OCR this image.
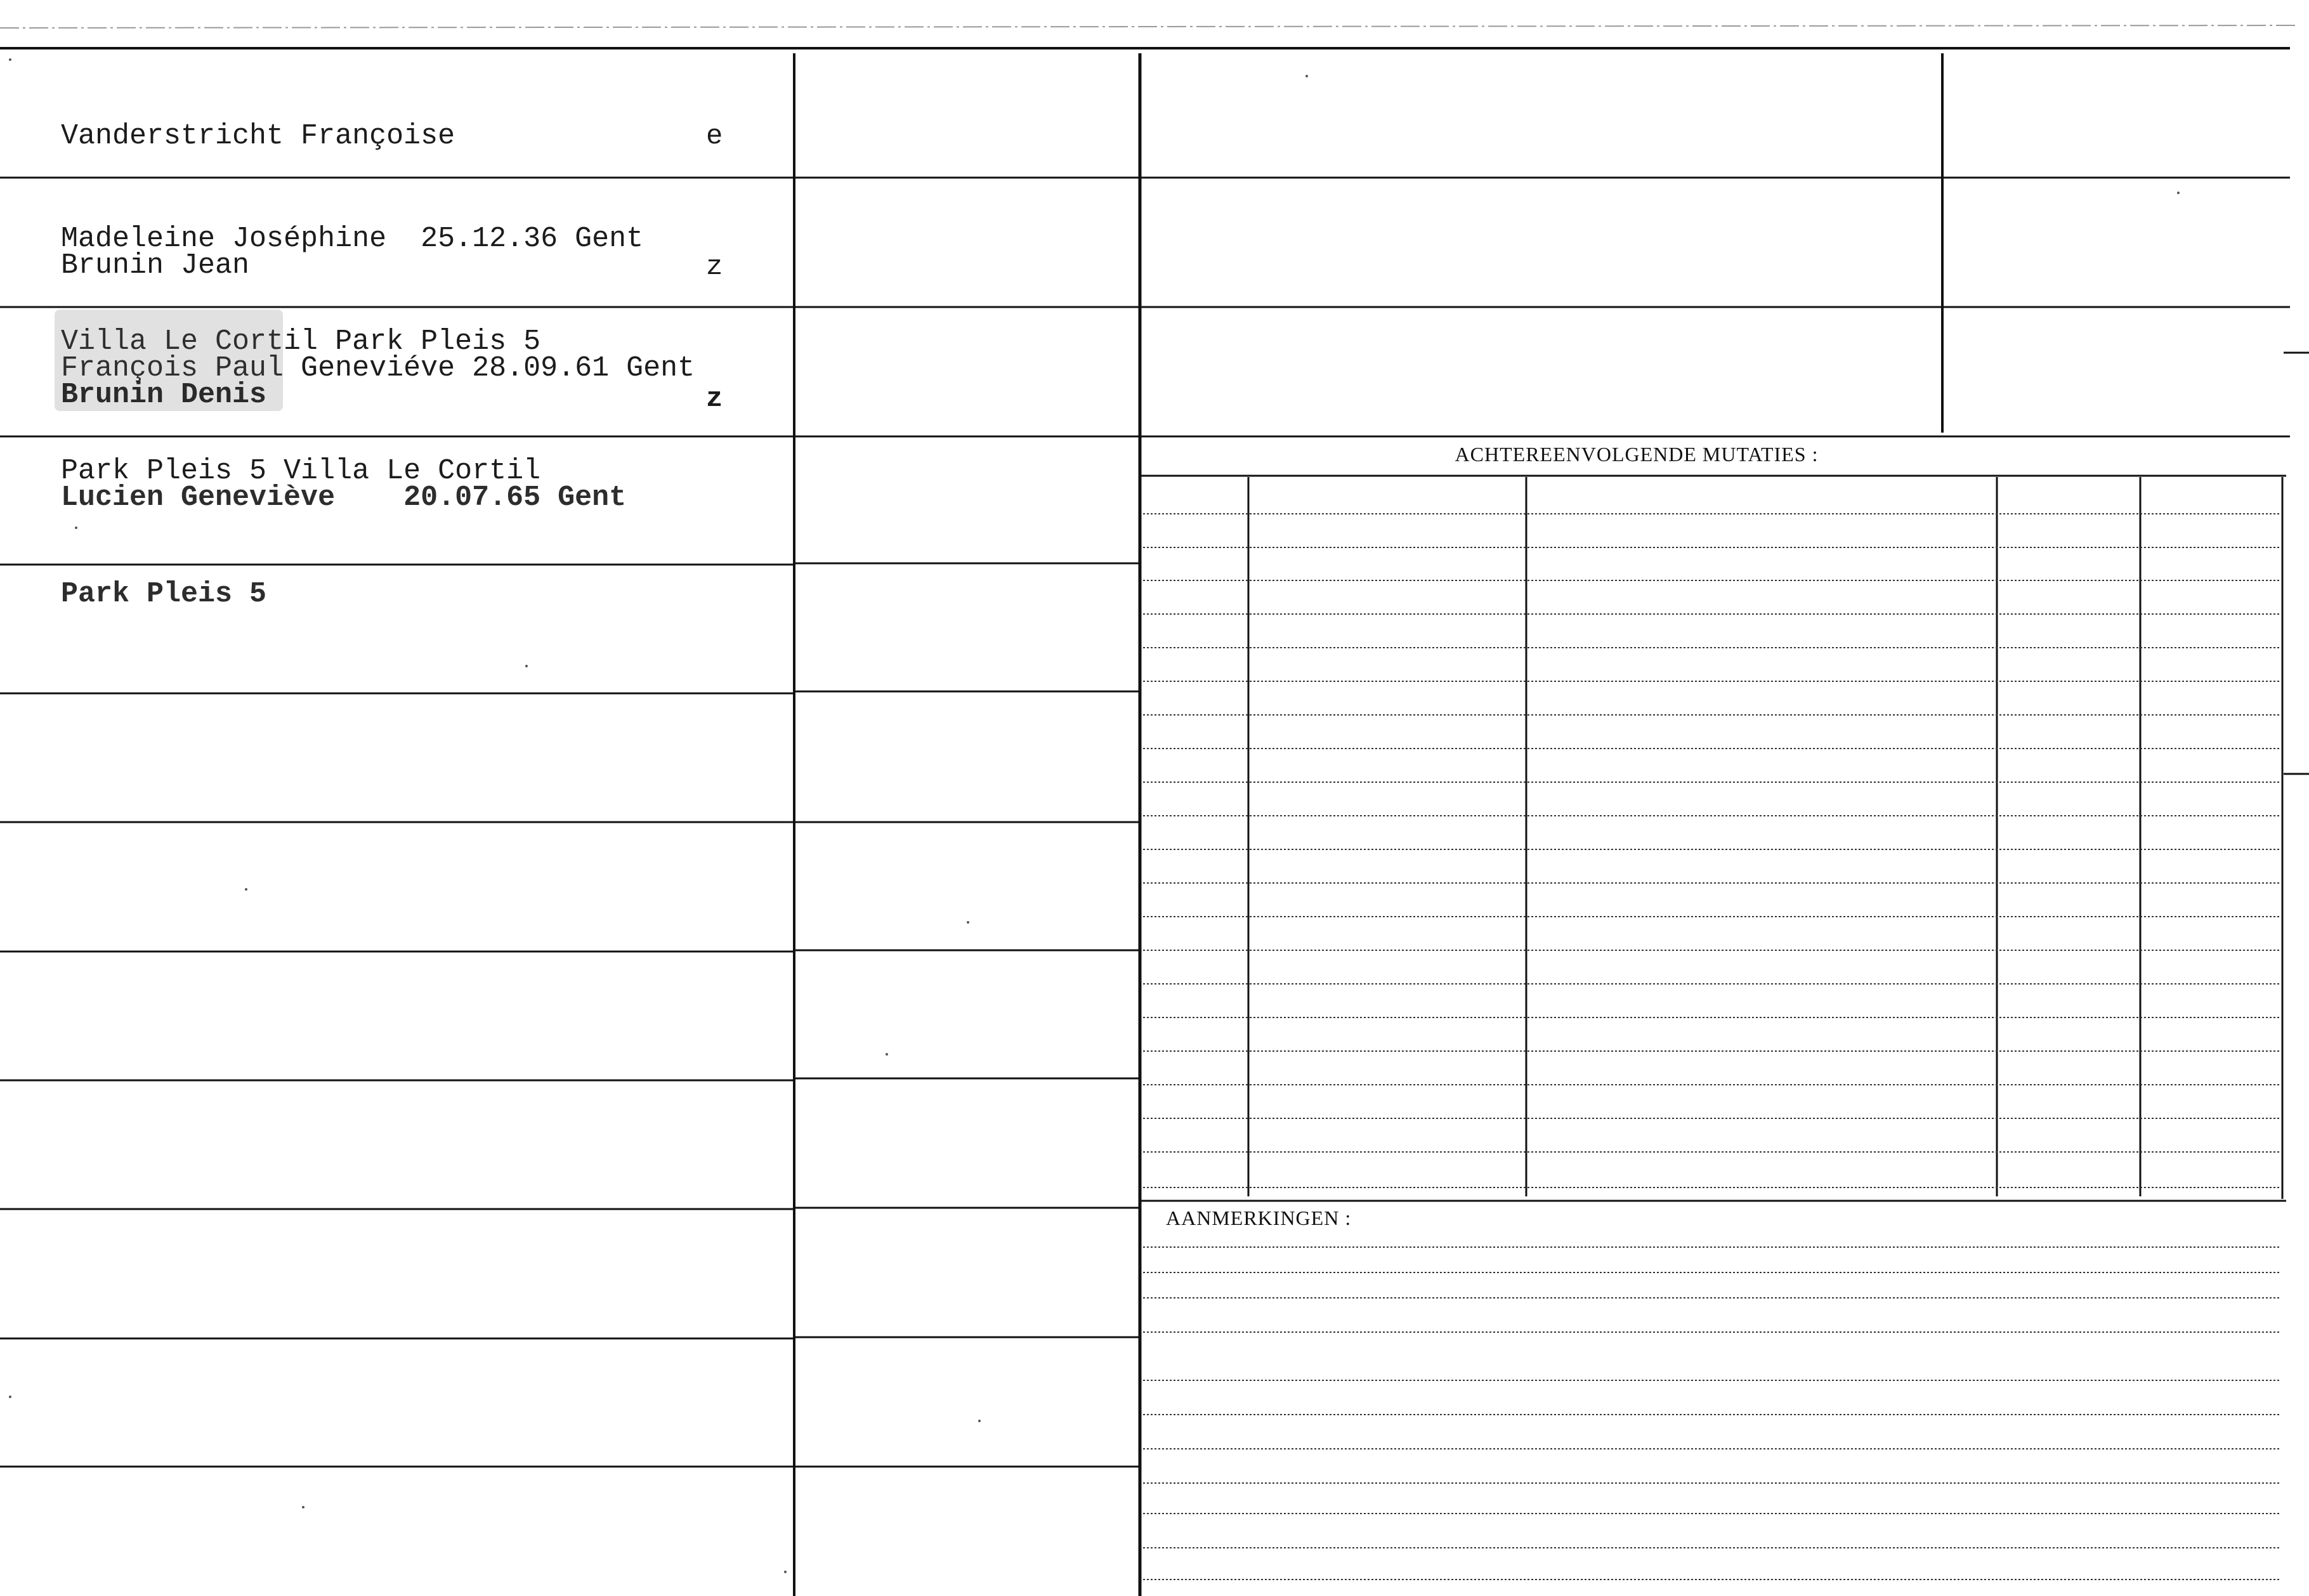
Vanderstricht Françoise

Madeleine Joséphine  25.12.36 Gent

Villa Le Cortil Park Pleis 5

e

Brunin Jean

François Paul Geneviéve 28.09.61 Gent

Park Pleis 5 Villa Le Cortil

z

Brunin Denis

Lucien Geneviève    20.07.65 Gent

Park Pleis 5

z
ACHTEREENVOLGENDE MUTATIES :
AANMERKINGEN :
